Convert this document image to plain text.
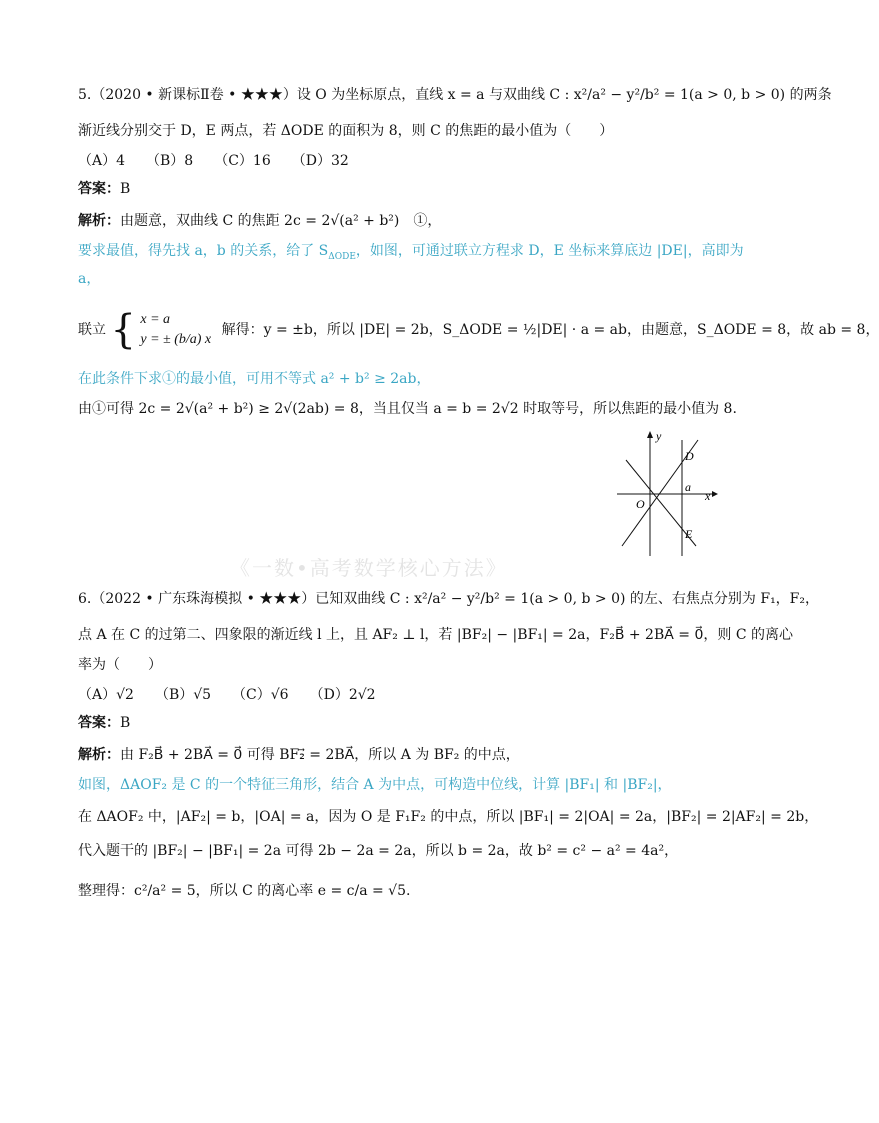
5.（2020 • 新课标Ⅱ卷 • ★★★）设 O 为坐标原点，直线 x = a 与双曲线 C : x²/a² − y²/b² = 1(a > 0, b > 0) 的两条
渐近线分别交于 D，E 两点，若 ΔODE 的面积为 8，则 C 的焦距的最小值为（　　）
（A）4　　（B）8　　（C）16　　（D）32
答案：B
解析：由题意，双曲线 C 的焦距 2c = 2√(a² + b²)　①，
要求最值，得先找 a，b 的关系，给了 $S_{\Delta ODE}$，如图，可通过联立方程求 D，E 坐标来算底边 |DE|，高即为
a，
联立 { x = a
y = ± (b/a) x
解得：y = ±b，所以 |DE| = 2b，S_ΔODE = ½|DE| · a = ab，由题意，S_ΔODE = 8，故 ab = 8，
在此条件下求①的最小值，可用不等式 a² + b² ≥ 2ab，
由①可得 2c = 2√(a² + b²) ≥ 2√(2ab) = 8，当且仅当 a = b = 2√2 时取等号，所以焦距的最小值为 8.
y
x
O
D
a
E
《一数•高考数学核心方法》
6.（2022 • 广东珠海模拟 • ★★★）已知双曲线 C : x²/a² − y²/b² = 1(a > 0, b > 0) 的左、右焦点分别为 F₁，F₂，
点 A 在 C 的过第二、四象限的渐近线 l 上，且 AF₂ ⊥ l，若 |BF₂| − |BF₁| = 2a，F₂B⃗ + 2BA⃗ = 0⃗，则 C 的离心
率为（　　）
（A）√2　　（B）√5　　（C）√6　　（D）2√2
答案：B
解析：由 F₂B⃗ + 2BA⃗ = 0⃗ 可得 BF₂⃗ = 2BA⃗，所以 A 为 BF₂ 的中点，
如图，ΔAOF₂ 是 C 的一个特征三角形，结合 A 为中点，可构造中位线，计算 |BF₁| 和 |BF₂|，
在 ΔAOF₂ 中，|AF₂| = b，|OA| = a，因为 O 是 F₁F₂ 的中点，所以 |BF₁| = 2|OA| = 2a，|BF₂| = 2|AF₂| = 2b，
代入题干的 |BF₂| − |BF₁| = 2a 可得 2b − 2a = 2a，所以 b = 2a，故 b² = c² − a² = 4a²，
整理得：c²/a² = 5，所以 C 的离心率 e = c/a = √5.
